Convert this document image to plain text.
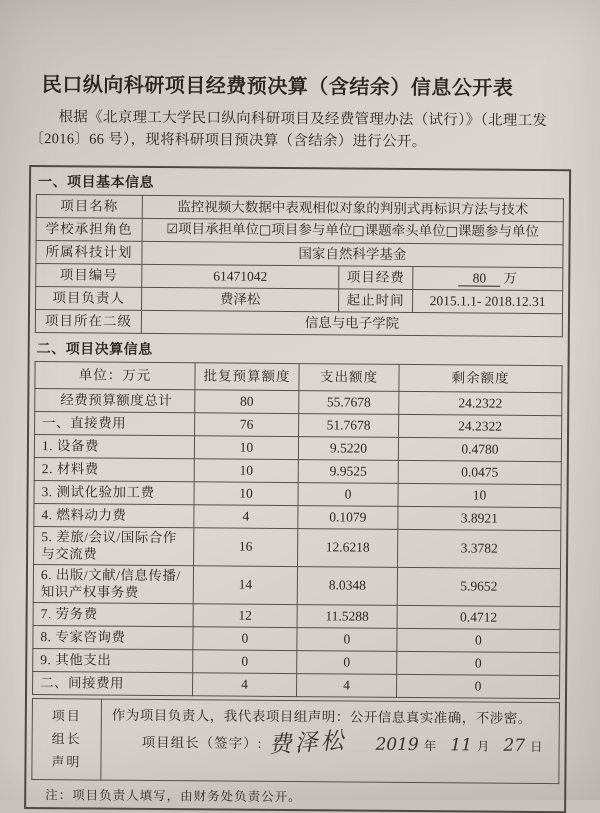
民口纵向科研项目经费预决算（含结余）信息公开表
根据《北京理工大学民口纵向科研项目及经费管理办法（试行）》（北理工发〔2016〕66 号），现将科研项目预决算（含结余）进行公开。
一、项目基本信息
项目名称	监控视频大数据中表观相似对象的判别式再标识方法与技术		
学校承担角色	☑项目承担单位□项目参与单位□课题牵头单位□课题参与单位		
所属科技计划	国家自然科学基金		
项目编号	61471042	项目经费	80 万
项目负责人	费泽松	起止时间	2015.1.1- 2018.12.31
项目所在二级	信息与电子学院		
二、项目决算信息
单位：万元	批复预算额度	支出额度	剩余额度
经费预算额度总计	80	55.7678	24.2322
一、直接费用	76	51.7678	24.2322
1. 设备费	10	9.5220	0.4780
2. 材料费	10	9.9525	0.0475
3. 测试化验加工费	10	0	10
4. 燃料动力费	4	0.1079	3.8921
5. 差旅/会议/国际合作与交流费	16	12.6218	3.3782
6. 出版/文献/信息传播/知识产权事务费	14	8.0348	5.9652
7. 劳务费	12	11.5288	0.4712
8. 专家咨询费	0	0	0
9. 其他支出	0	0	0
二、间接费用	4	4	0
项目
组长
声明

作为项目负责人，我代表项目组声明：公开信息真实准确，不涉密。
项目组长（签字）: 费泽松 2019 年 11 月 27 日
注：项目负责人填写，由财务处负责公开。
